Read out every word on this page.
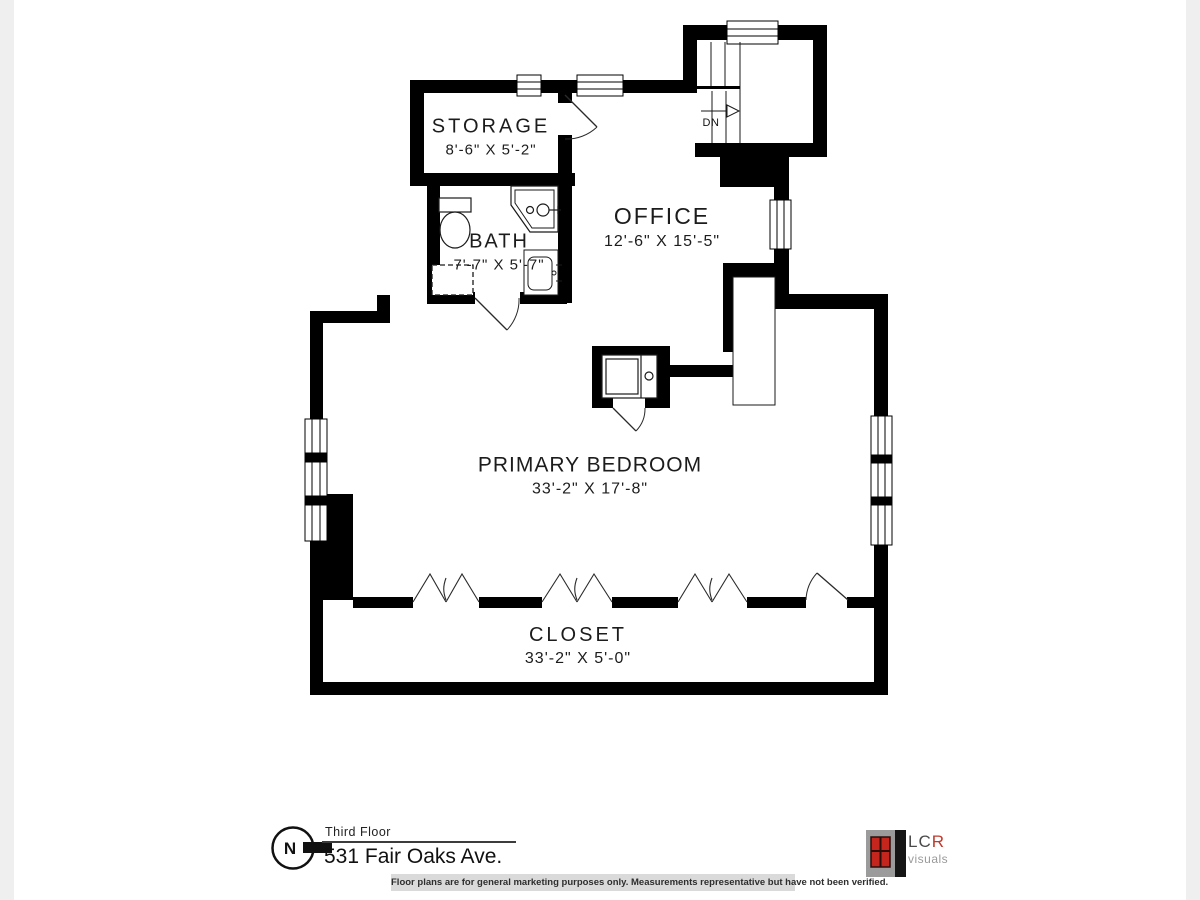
STORAGE
8'-6" X 5'-2"
OFFICE
12'-6" X 15'-5"
BATH
7'-7" X 5'-7"
PRIMARY BEDROOM
33'-2" X 17'-8"
CLOSET
33'-2" X 5'-0"
DN
N
Third Floor
531 Fair Oaks Ave.
Floor plans are for general marketing purposes only. Measurements representative but have not been verified.
LCR
visuals
